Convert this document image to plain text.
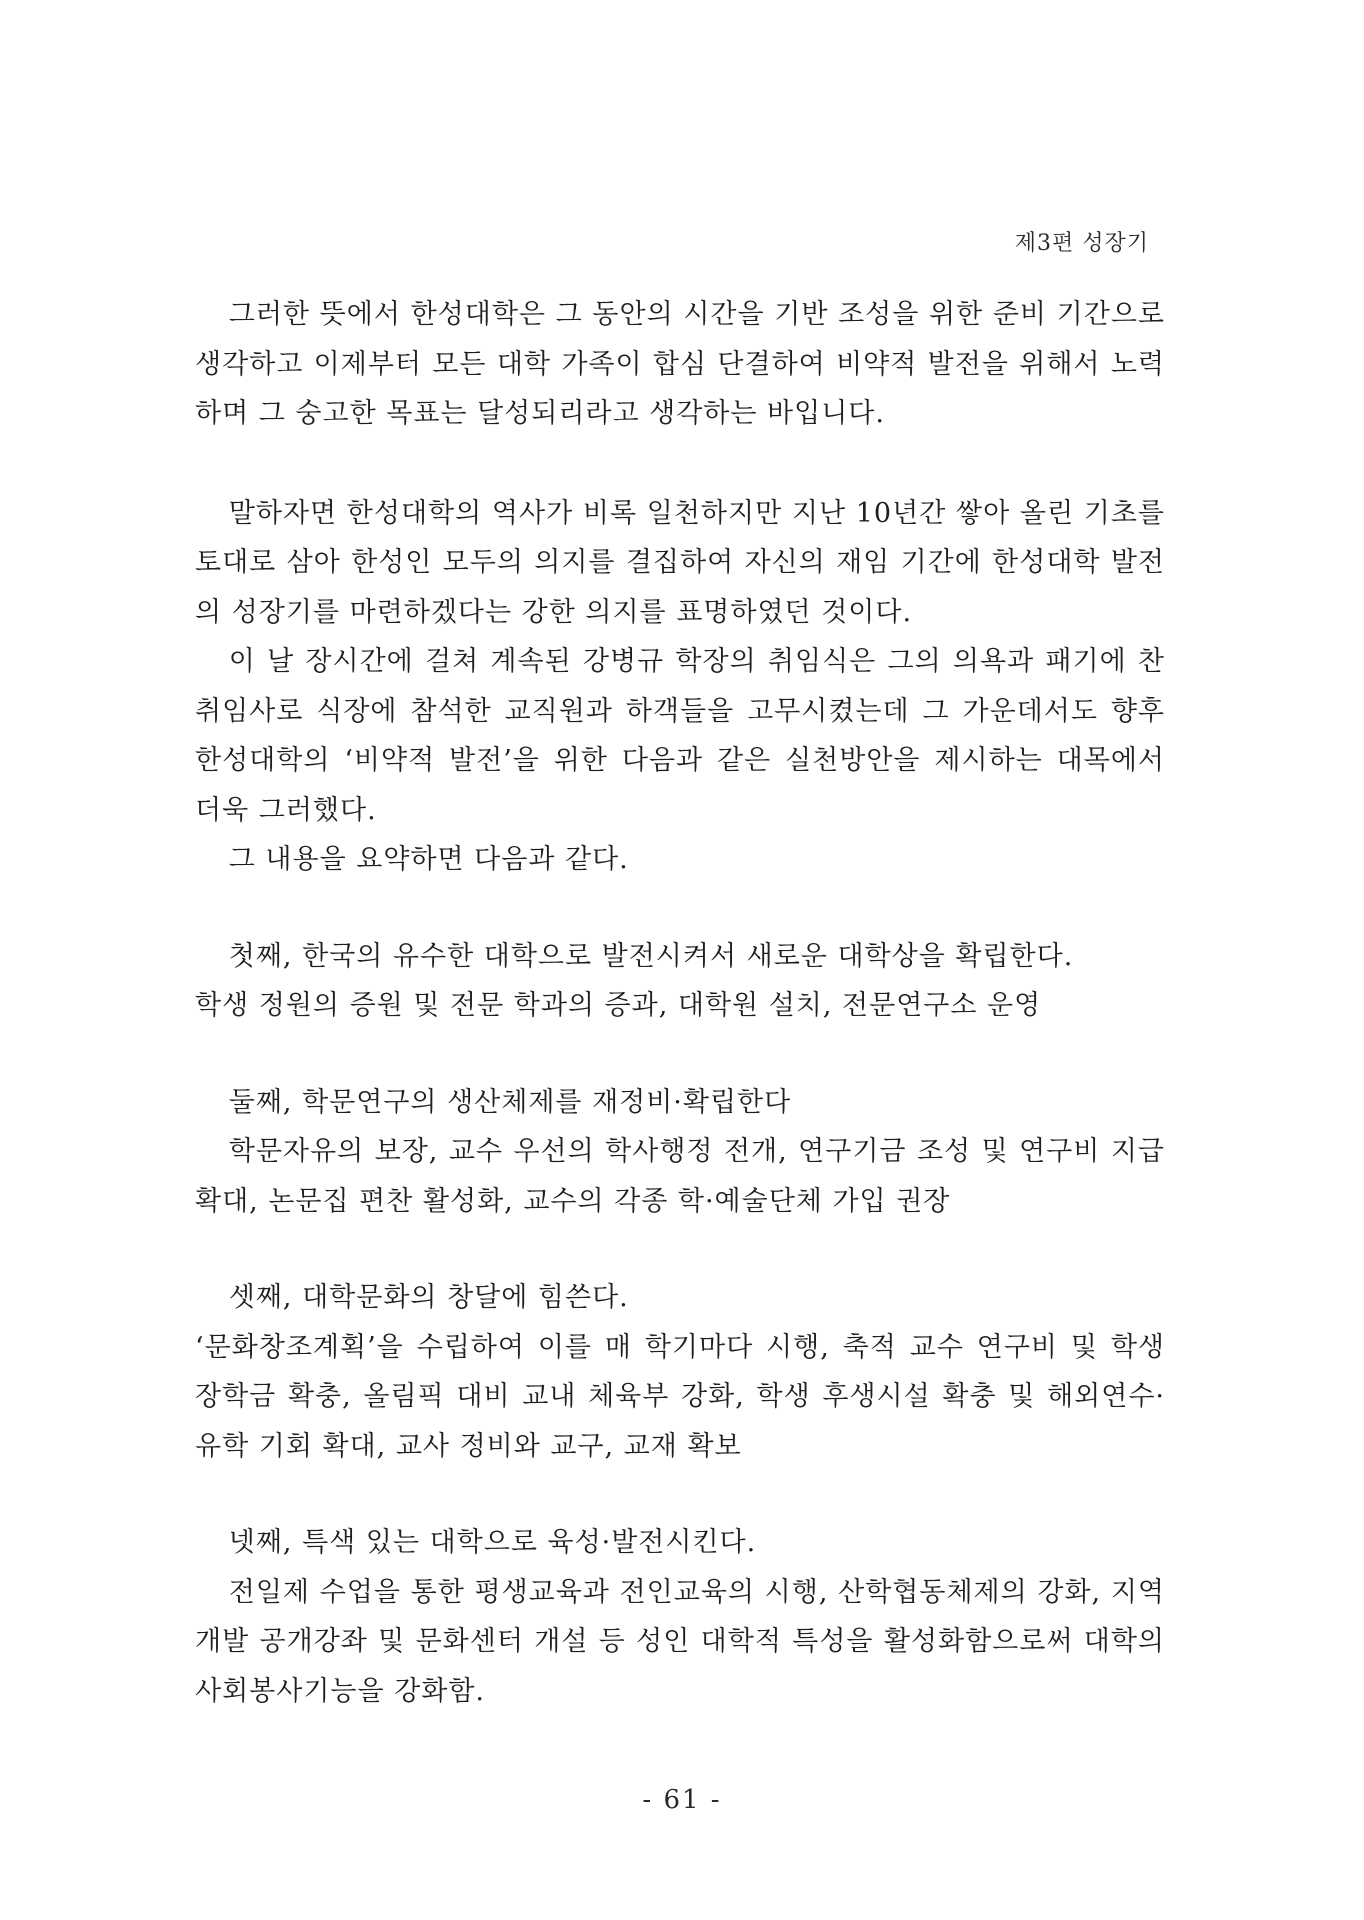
제3편 성장기

그러한 뜻에서 한성대학은 그 동안의 시간을 기반 조성을 위한 준비 기간으로 생각하고 이제부터 모든 대학 가족이 합심 단결하여 비약적 발전을 위해서 노력하며 그 숭고한 목표는 달성되리라고 생각하는 바입니다.

말하자면 한성대학의 역사가 비록 일천하지만 지난 10년간 쌓아 올린 기초를 토대로 삼아 한성인 모두의 의지를 결집하여 자신의 재임 기간에 한성대학 발전의 성장기를 마련하겠다는 강한 의지를 표명하였던 것이다.

이 날 장시간에 걸쳐 계속된 강병규 학장의 취임식은 그의 의욕과 패기에 찬 취임사로 식장에 참석한 교직원과 하객들을 고무시켰는데 그 가운데서도 향후 한성대학의 ‘비약적 발전’을 위한 다음과 같은 실천방안을 제시하는 대목에서 더욱 그러했다.

그 내용을 요약하면 다음과 같다.

첫째, 한국의 유수한 대학으로 발전시켜서 새로운 대학상을 확립한다.

학생 정원의 증원 및 전문 학과의 증과, 대학원 설치, 전문연구소 운영

둘째, 학문연구의 생산체제를 재정비·확립한다

학문자유의 보장, 교수 우선의 학사행정 전개, 연구기금 조성 및 연구비 지급 확대, 논문집 편찬 활성화, 교수의 각종 학·예술단체 가입 권장

셋째, 대학문화의 창달에 힘쓴다.

‘문화창조계획’을 수립하여 이를 매 학기마다 시행, 축적 교수 연구비 및 학생 장학금 확충, 올림픽 대비 교내 체육부 강화, 학생 후생시설 확충 및 해외연수·유학 기회 확대, 교사 정비와 교구, 교재 확보

넷째, 특색 있는 대학으로 육성·발전시킨다.

전일제 수업을 통한 평생교육과 전인교육의 시행, 산학협동체제의 강화, 지역개발 공개강좌 및 문화센터 개설 등 성인 대학적 특성을 활성화함으로써 대학의 사회봉사기능을 강화함.

- 61 -
